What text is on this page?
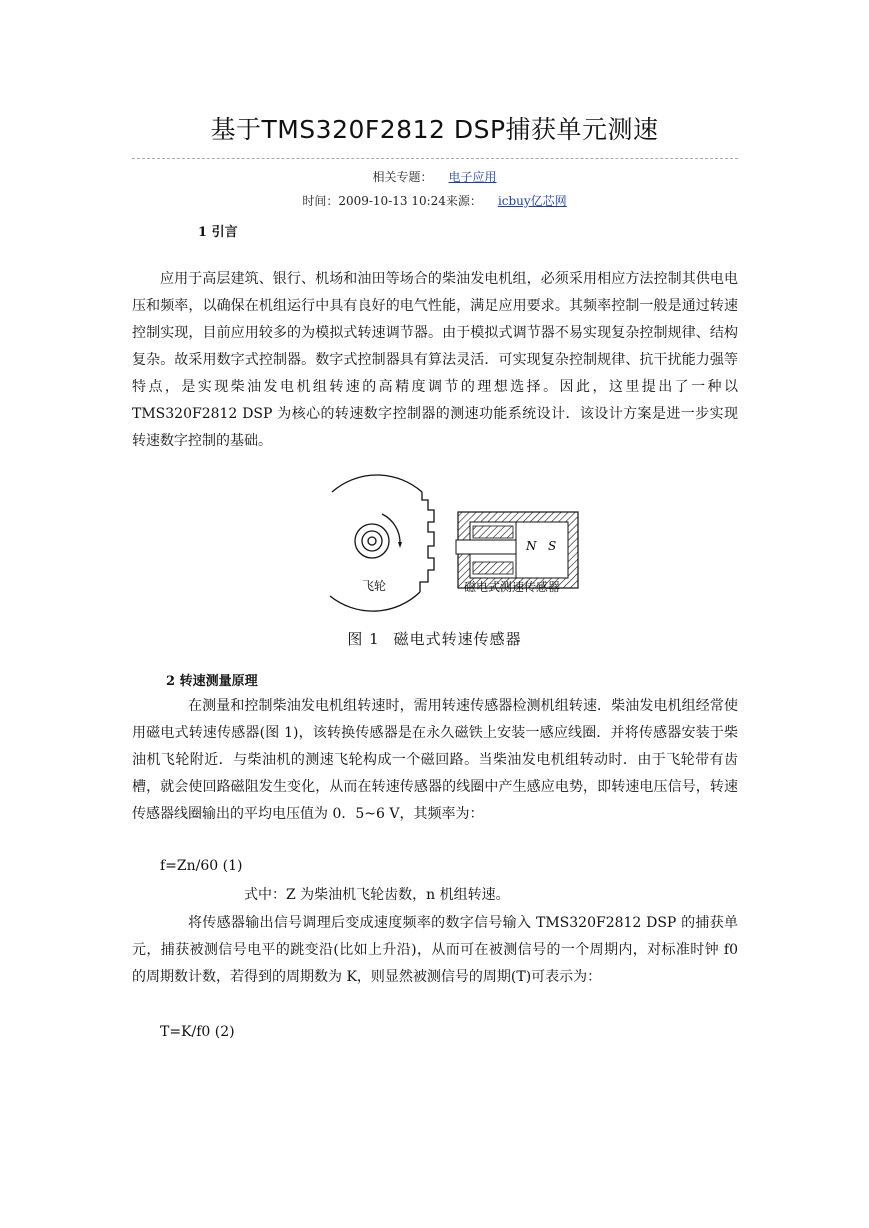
基于TMS320F2812 DSP捕获单元测速
相关专题： 电子应用
时间：2009-10-13 10:24来源： icbuy亿芯网
1 引言

应用于高层建筑、银行、机场和油田等场合的柴油发电机组，必须采用相应方法控制其供电电压和频率，以确保在机组运行中具有良好的电气性能，满足应用要求。其频率控制一般是通过转速控制实现，目前应用较多的为模拟式转速调节器。由于模拟式调节器不易实现复杂控制规律、结构复杂。故采用数字式控制器。数字式控制器具有算法灵活．可实现复杂控制规律、抗干扰能力强等特点，是实现柴油发电机组转速的高精度调节的理想选择。因此，这里提出了一种以 TMS320F2812 DSP 为核心的转速数字控制器的测速功能系统设计．该设计方案是进一步实现转速数字控制的基础。

N S
飞轮	磁电式测速传感器
图 1 磁电式转速传感器
2 转速测量原理

在测量和控制柴油发电机组转速时，需用转速传感器检测机组转速．柴油发电机组经常使用磁电式转速传感器(图 1)，该转换传感器是在永久磁铁上安装一感应线圈．并将传感器安装于柴油机飞轮附近．与柴油机的测速飞轮构成一个磁回路。当柴油发电机组转动时．由于飞轮带有齿槽，就会使回路磁阻发生变化，从而在转速传感器的线圈中产生感应电势，即转速电压信号，转速传感器线圈输出的平均电压值为 0．5~6 V，其频率为：

f=Zn/60 (1)
式中：Z 为柴油机飞轮齿数，n 机组转速。

将传感器输出信号调理后变成速度频率的数字信号输入 TMS320F2812 DSP 的捕获单元，捕获被测信号电平的跳变沿(比如上升沿)，从而可在被测信号的一个周期内，对标准时钟 f0 的周期数计数，若得到的周期数为 K，则显然被测信号的周期(T)可表示为：

T=K/f0 (2)
